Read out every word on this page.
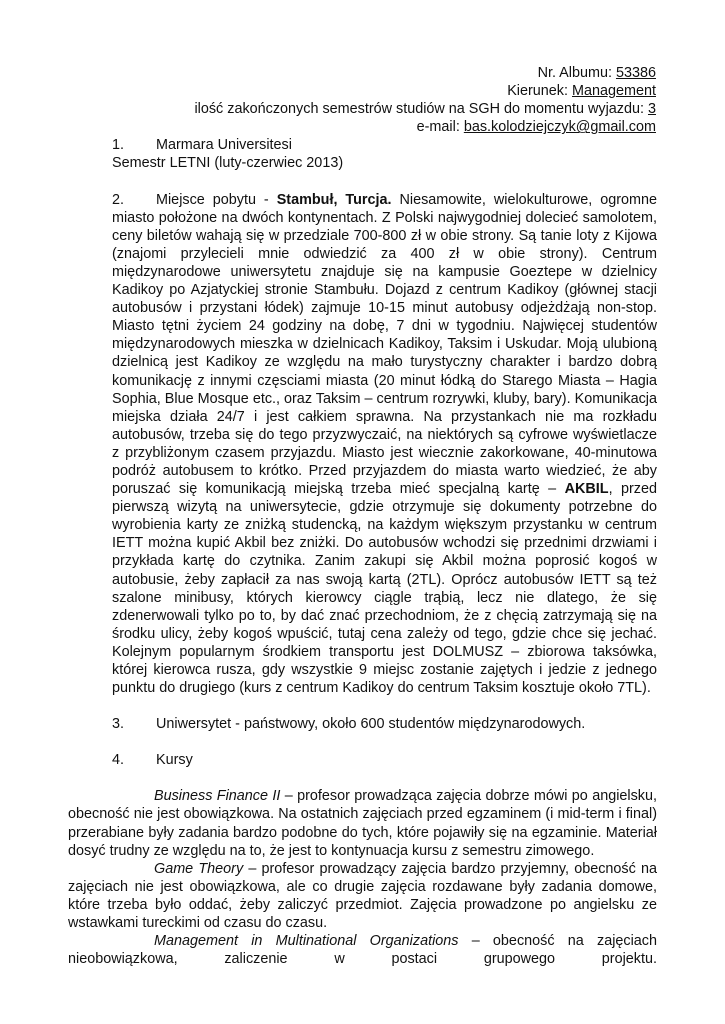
Nr. Albumu: 53386
Kierunek: Management
ilość zakończonych semestrów studiów na SGH do momentu wyjazdu: 3
e-mail: bas.kolodziejczyk@gmail.com
1.	Marmara Universitesi

Semestr LETNI (luty-czerwiec 2013)

2. Miejsce pobytu - Stambuł, Turcja. Niesamowite, wielokulturowe, ogromne miasto położone na dwóch kontynentach. Z Polski najwygodniej dolecieć samolotem, ceny biletów wahają się w przedziale 700-800 zł w obie strony. Są tanie loty z Kijowa (znajomi przylecieli mnie odwiedzić za 400 zł w obie strony). Centrum międzynarodowe uniwersytetu znajduje się na kampusie Goeztepe w dzielnicy Kadikoy po Azjatyckiej stronie Stambułu. Dojazd z centrum Kadikoy (głównej stacji autobusów i przystani łódek) zajmuje 10-15 minut autobusy odjeżdżają non-stop. Miasto tętni życiem 24 godziny na dobę, 7 dni w tygodniu. Najwięcej studentów międzynarodowych mieszka w dzielnicach Kadikoy, Taksim i Uskudar. Moją ulubioną dzielnicą jest Kadikoy ze względu na mało turystyczny charakter i bardzo dobrą komunikację z innymi częsciami miasta (20 minut łódką do Starego Miasta – Hagia Sophia, Blue Mosque etc., oraz Taksim – centrum rozrywki, kluby, bary). Komunikacja miejska działa 24/7 i jest całkiem sprawna. Na przystankach nie ma rozkładu autobusów, trzeba się do tego przyzwyczaić, na niektórych są cyfrowe wyświetlacze z przybliżonym czasem przyjazdu. Miasto jest wiecznie zakorkowane, 40-minutowa podróż autobusem to krótko. Przed przyjazdem do miasta warto wiedzieć, że aby poruszać się komunikacją miejską trzeba mieć specjalną kartę – AKBIL, przed pierwszą wizytą na uniwersytecie, gdzie otrzymuje się dokumenty potrzebne do wyrobienia karty ze zniżką studencką, na każdym większym przystanku w centrum IETT można kupić Akbil bez zniżki. Do autobusów wchodzi się przednimi drzwiami i przykłada kartę do czytnika. Zanim zakupi się Akbil można poprosić kogoś w autobusie, żeby zapłacił za nas swoją kartą (2TL). Oprócz autobusów IETT są też szalone minibusy, których kierowcy ciągle trąbią, lecz nie dlatego, że się zdenerwowali tylko po to, by dać znać przechodniom, że z chęcią zatrzymają się na środku ulicy, żeby kogoś wpuścić, tutaj cena zależy od tego, gdzie chce się jechać. Kolejnym popularnym środkiem transportu jest DOLMUSZ – zbiorowa taksówka, której kierowca rusza, gdy wszystkie 9 miejsc zostanie zajętych i jedzie z jednego punktu do drugiego (kurs z centrum Kadikoy do centrum Taksim kosztuje około 7TL).
3.	Uniwersytet - państwowy, około 600 studentów międzynarodowych.
4.	Kursy

Business Finance II – profesor prowadząca zajęcia dobrze mówi po angielsku, obecność nie jest obowiązkowa. Na ostatnich zajęciach przed egzaminem (i mid-term i final) przerabiane były zadania bardzo podobne do tych, które pojawiły się na egzaminie. Materiał dosyć trudny ze względu na to, że jest to kontynuacja kursu z semestru zimowego.

Game Theory – profesor prowadzący zajęcia bardzo przyjemny, obecność na zajęciach nie jest obowiązkowa, ale co drugie zajęcia rozdawane były zadania domowe, które trzeba było oddać, żeby zaliczyć przedmiot. Zajęcia prowadzone po angielsku ze wstawkami tureckimi od czasu do czasu.

Management in Multinational Organizations – obecność na zajęciach nieobowiązkowa, zaliczenie w postaci grupowego projektu.
